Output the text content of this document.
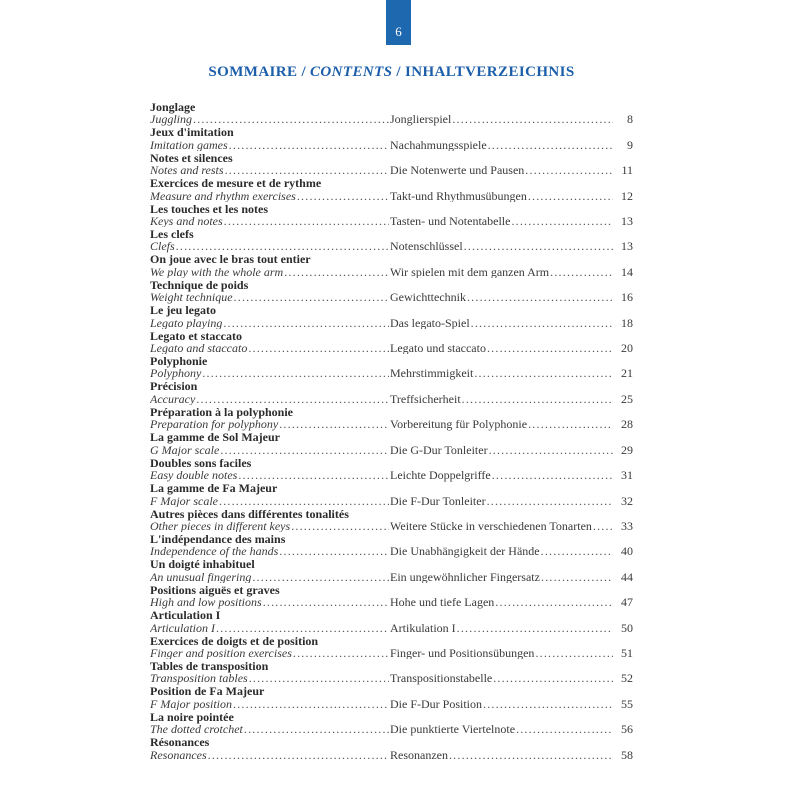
6
SOMMAIRE / CONTENTS / INHALTVERZEICHNIS
Jonglage
Juggling .....	Jonglierspiel .....	8
Jeux d'imitation
Imitation games .....	Nachahmungsspiele .....	9
Notes et silences
Notes and rests .....	Die Notenwerte und Pausen .....	11
Exercices de mesure et de rythme
Measure and rhythm exercises .....	Takt-und Rhythmusübungen .....	12
Les touches et les notes
Keys and notes .....	Tasten- und Notentabelle .....	13
Les clefs
Clefs .....	Notenschlüssel .....	13
On joue avec le bras tout entier
We play with the whole arm .....	Wir spielen mit dem ganzen Arm .....	14
Technique de poids
Weight technique .....	Gewichttechnik .....	16
Le jeu legato
Legato playing .....	Das legato-Spiel .....	18
Legato et staccato
Legato and staccato .....	Legato und staccato .....	20
Polyphonie
Polyphony .....	Mehrstimmigkeit .....	21
Précision
Accuracy .....	Treffsicherheit .....	25
Préparation à la polyphonie
Preparation for polyphony .....	Vorbereitung für Polyphonie .....	28
La gamme de Sol Majeur
G Major scale .....	Die G-Dur Tonleiter .....	29
Doubles sons faciles
Easy double notes .....	Leichte Doppelgriffe .....	31
La gamme de Fa Majeur
F Major scale .....	Die F-Dur Tonleiter .....	32
Autres pièces dans différentes tonalités
Other pieces in different keys .....	Weitere Stücke in verschiedenen Tonarten .....	33
L'indépendance des mains
Independence of the hands .....	Die Unabhängigkeit der Hände .....	40
Un doigté inhabituel
An unusual fingering .....	Ein ungewöhnlicher Fingersatz .....	44
Positions aiguës et graves
High and low positions .....	Hohe und tiefe Lagen .....	47
Articulation I
Articulation I .....	Artikulation I .....	50
Exercices de doigts et de position
Finger and position exercises .....	Finger- und Positionsübungen .....	51
Tables de transposition
Transposition tables .....	Transpositionstabelle .....	52
Position de Fa Majeur
F Major position .....	Die F-Dur Position .....	55
La noire pointée
The dotted crotchet .....	Die punktierte Viertelnote .....	56
Résonances
Resonances .....	Resonanzen .....	58
